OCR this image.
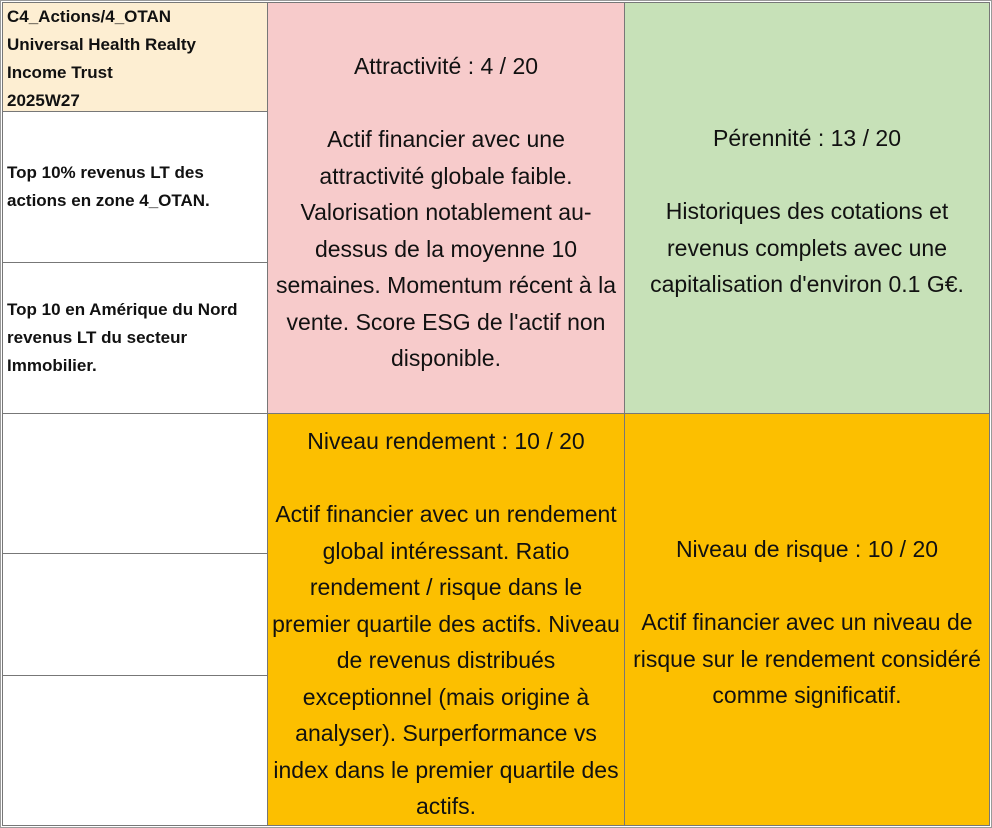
C4_Actions/4_OTAN
Universal Health Realty
Income Trust
2025W27
Top 10% revenus LT des actions en zone 4_OTAN.
Top 10 en Amérique du Nord revenus LT du secteur Immobilier.
Attractivité : 4 / 20
Actif financier avec une attractivité globale faible. Valorisation notablement au-dessus de la moyenne 10 semaines. Momentum récent à la vente. Score ESG de l'actif non disponible.
Pérennité : 13 / 20
Historiques des cotations et revenus complets avec une capitalisation d'environ 0.1 G€.
Niveau rendement : 10 / 20
Actif financier avec un rendement global intéressant. Ratio rendement / risque dans le premier quartile des actifs. Niveau de revenus distribués exceptionnel (mais origine à analyser). Surperformance vs index dans le premier quartile des actifs.
Niveau de risque : 10 / 20
Actif financier avec un niveau de risque sur le rendement considéré comme significatif.
